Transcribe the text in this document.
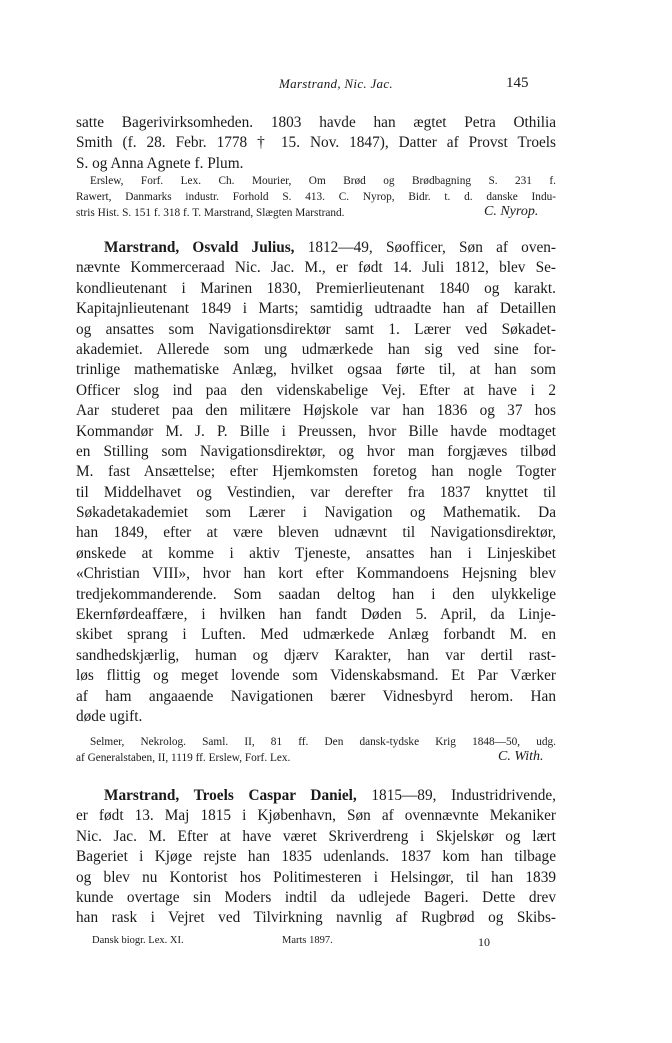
Marstrand, Nic. Jac.	145
satte Bagerivirksomheden. 1803 havde han ægtet Petra Othilia
Smith (f. 28. Febr. 1778 † 15. Nov. 1847), Datter af Provst Troels
S. og Anna Agnete f. Plum.
Erslew, Forf. Lex. Ch. Mourier, Om Brød og Brødbagning S. 231 f.
Rawert, Danmarks industr. Forhold S. 413. C. Nyrop, Bidr. t. d. danske Indu-
stris Hist. S. 151 f. 318 f. T. Marstrand, Slægten Marstrand.	C. Nyrop.
Marstrand, Osvald Julius, 1812—49, Søofficer, Søn af oven-
nævnte Kommerceraad Nic. Jac. M., er født 14. Juli 1812, blev Se-
kondlieutenant i Marinen 1830, Premierlieutenant 1840 og karakt.
Kapitajnlieutenant 1849 i Marts; samtidig udtraadte han af Detaillen
og ansattes som Navigationsdirektør samt 1. Lærer ved Søkadet-
akademiet. Allerede som ung udmærkede han sig ved sine for-
trinlige mathematiske Anlæg, hvilket ogsaa førte til, at han som
Officer slog ind paa den videnskabelige Vej. Efter at have i 2
Aar studeret paa den militære Højskole var han 1836 og 37 hos
Kommandør M. J. P. Bille i Preussen, hvor Bille havde modtaget
en Stilling som Navigationsdirektør, og hvor man forgjæves tilbød
M. fast Ansættelse; efter Hjemkomsten foretog han nogle Togter
til Middelhavet og Vestindien, var derefter fra 1837 knyttet til
Søkadetakademiet som Lærer i Navigation og Mathematik. Da
han 1849, efter at være bleven udnævnt til Navigationsdirektør,
ønskede at komme i aktiv Tjeneste, ansattes han i Linjeskibet
«Christian VIII», hvor han kort efter Kommandoens Hejsning blev
tredjekommanderende. Som saadan deltog han i den ulykkelige
Ekernførdeaffære, i hvilken han fandt Døden 5. April, da Linje-
skibet sprang i Luften. Med udmærkede Anlæg forbandt M. en
sandhedskjærlig, human og djærv Karakter, han var dertil rast-
løs flittig og meget lovende som Videnskabsmand. Et Par Værker
af ham angaaende Navigationen bærer Vidnesbyrd herom. Han
døde ugift.
Selmer, Nekrolog. Saml. II, 81 ff. Den dansk-tydske Krig 1848—50, udg.
af Generalstaben, II, 1119 ff. Erslew, Forf. Lex.	C. With.
Marstrand, Troels Caspar Daniel, 1815—89, Industridrivende,
er født 13. Maj 1815 i Kjøbenhavn, Søn af ovennævnte Mekaniker
Nic. Jac. M. Efter at have været Skriverdreng i Skjelskør og lært
Bageriet i Kjøge rejste han 1835 udenlands. 1837 kom han tilbage
og blev nu Kontorist hos Politimesteren i Helsingør, til han 1839
kunde overtage sin Moders indtil da udlejede Bageri. Dette drev
han rask i Vejret ved Tilvirkning navnlig af Rugbrød og Skibs-
Dansk biogr. Lex. XI.	Marts 1897.	10
